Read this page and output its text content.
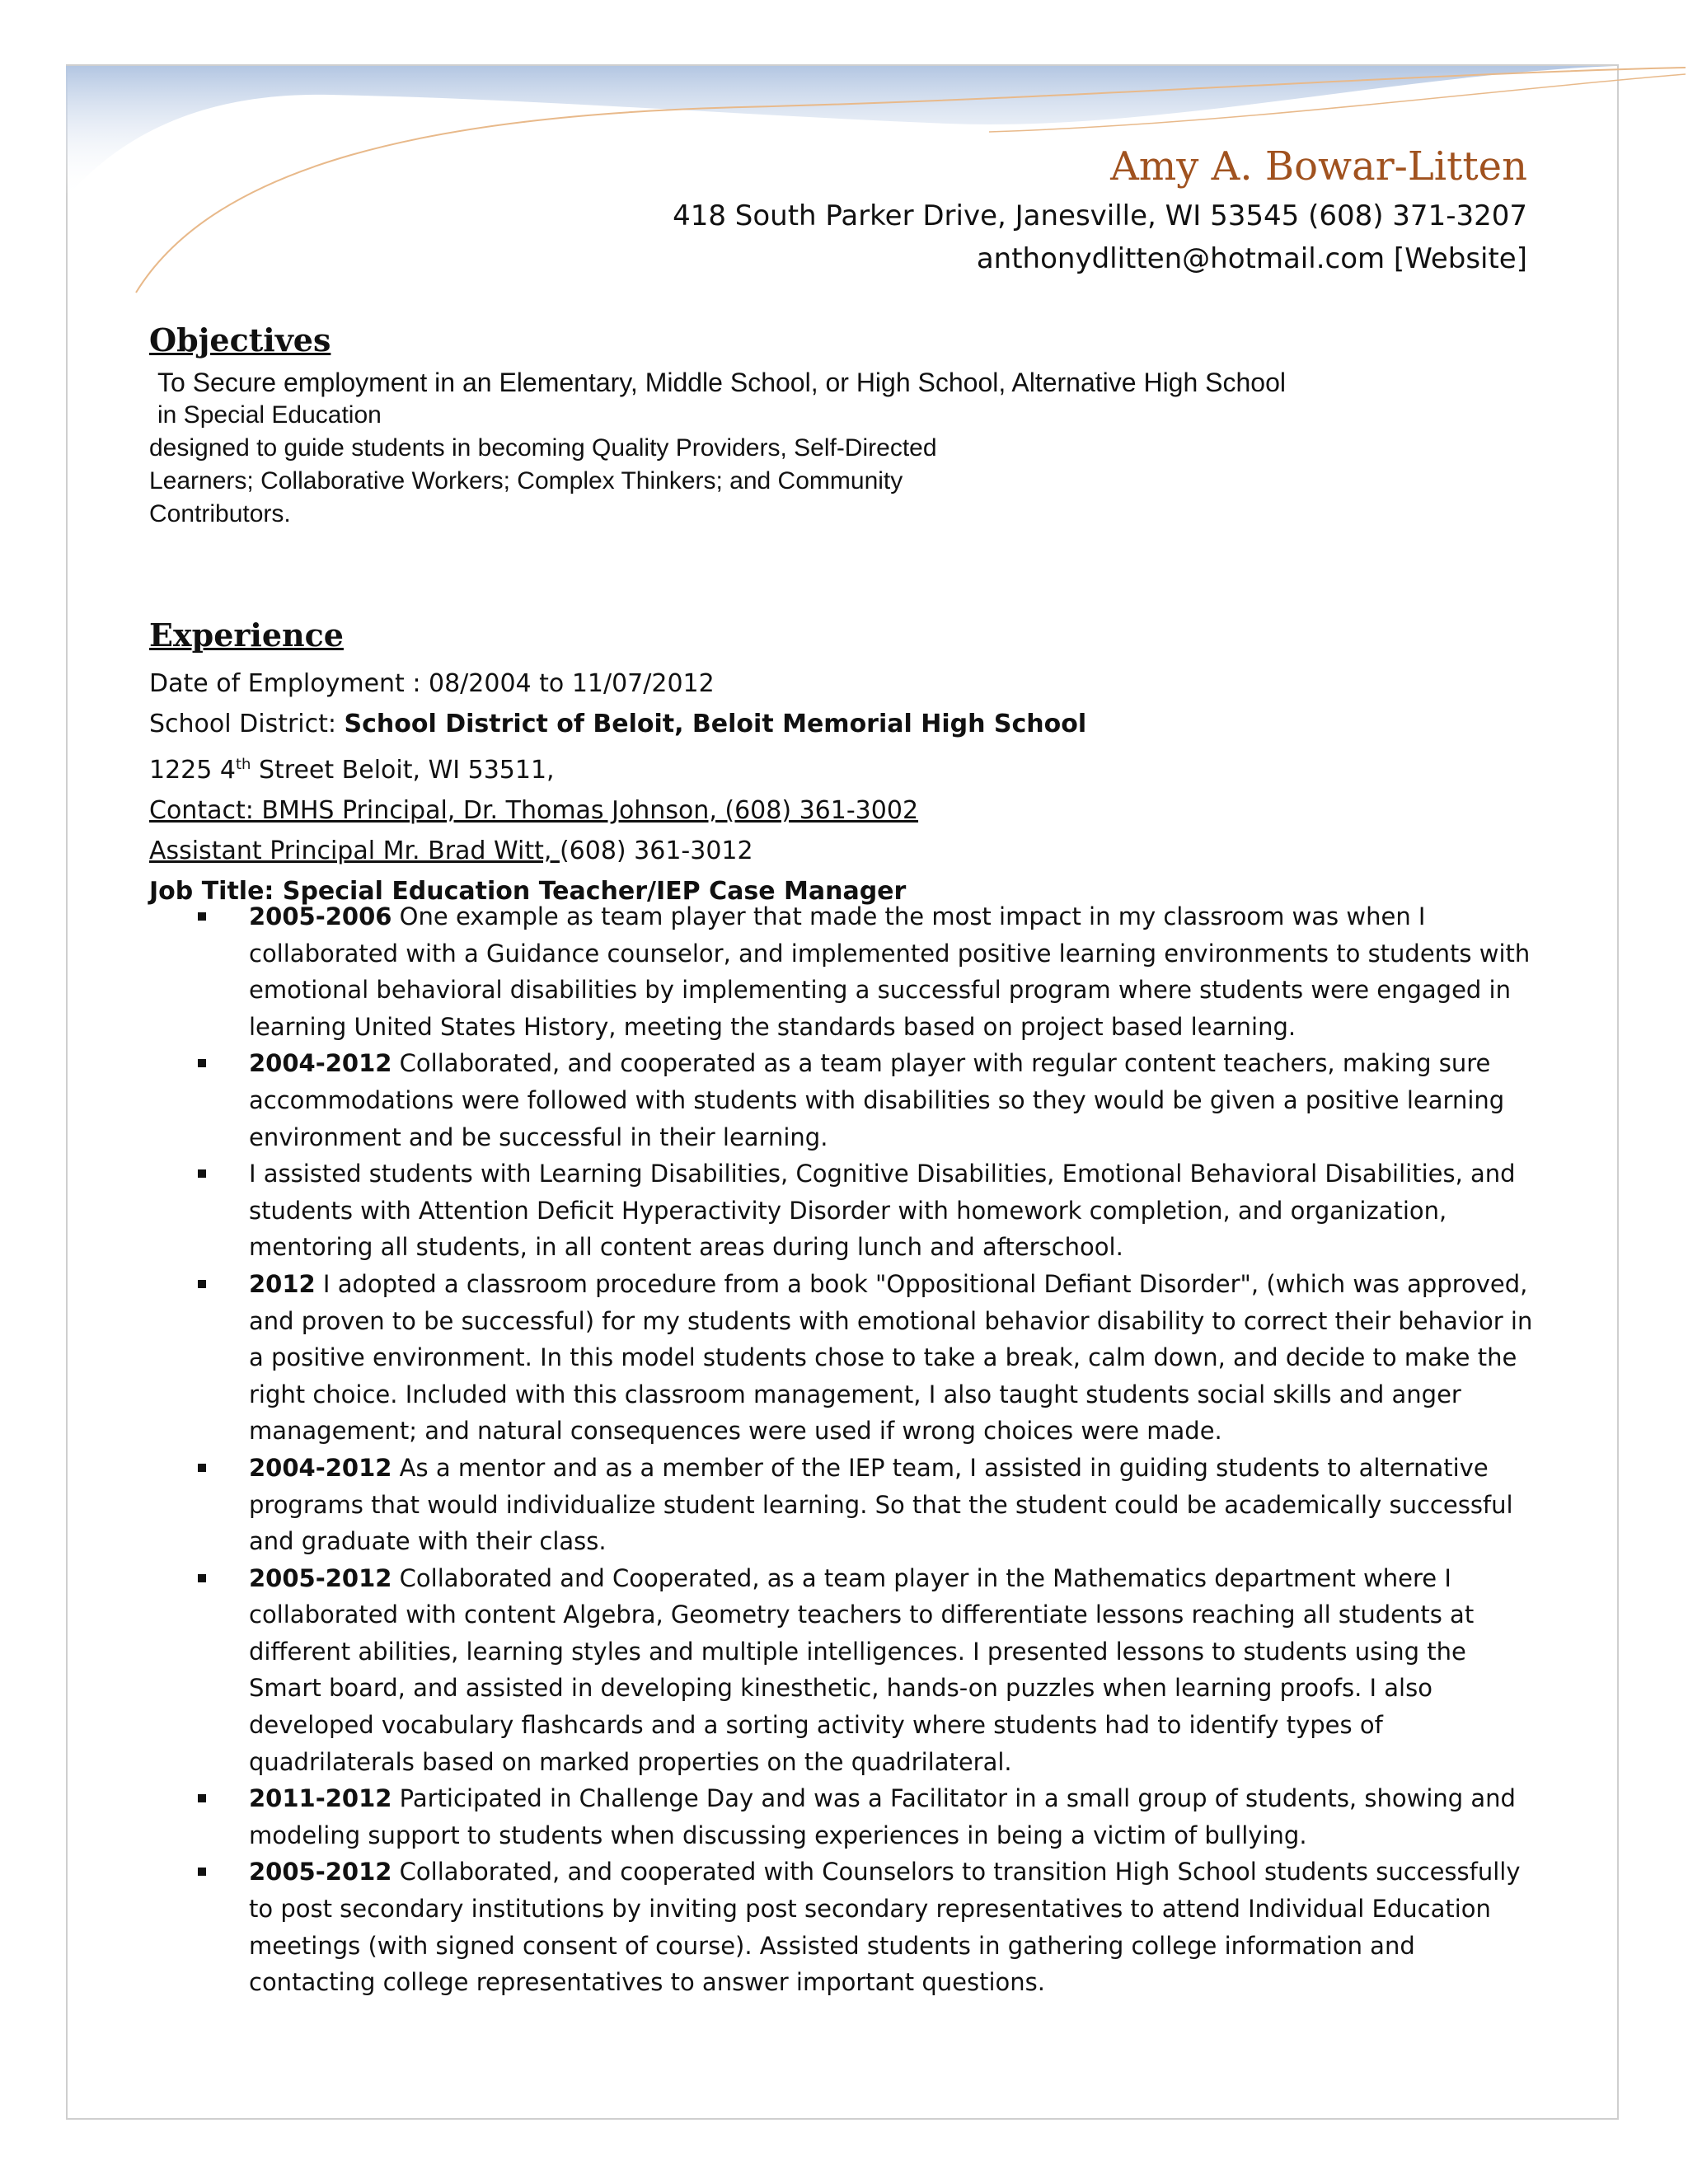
Amy A. Bowar-Litten
418 South Parker Drive, Janesville, WI 53545 (608) 371-3207
anthonydlitten@hotmail.com [Website]
Objectives
To Secure employment in an Elementary, Middle School, or High School, Alternative High School
in Special Education
designed to guide students in becoming Quality Providers, Self-Directed
Learners; Collaborative Workers; Complex Thinkers; and Community
Contributors.
Experience
Date of Employment : 08/2004 to 11/07/2012
School District: School District of Beloit, Beloit Memorial High School
1225 4th Street Beloit, WI 53511,
Contact: BMHS Principal, Dr. Thomas Johnson, (608) 361-3002
Assistant Principal Mr. Brad Witt, (608) 361-3012
Job Title: Special Education Teacher/IEP Case Manager
2005-2006 One example as team player that made the most impact in my classroom was when I collaborated with a Guidance counselor, and implemented positive learning environments to students with emotional behavioral disabilities by implementing a successful program where students were engaged in learning United States History, meeting the standards based on project based learning.
2004-2012 Collaborated, and cooperated as a team player with regular content teachers, making sure accommodations were followed with students with disabilities so they would be given a positive learning environment and be successful in their learning.
I assisted students with Learning Disabilities, Cognitive Disabilities, Emotional Behavioral Disabilities, and students with Attention Deficit Hyperactivity Disorder with homework completion, and organization, mentoring all students, in all content areas during lunch and afterschool.
2012 I adopted a classroom procedure from a book "Oppositional Defiant Disorder", (which was approved, and proven to be successful) for my students with emotional behavior disability to correct their behavior in a positive environment. In this model students chose to take a break, calm down, and decide to make the right choice. Included with this classroom management, I also taught students social skills and anger management; and natural consequences were used if wrong choices were made.
2004-2012 As a mentor and as a member of the IEP team, I assisted in guiding students to alternative programs that would individualize student learning. So that the student could be academically successful and graduate with their class.
2005-2012 Collaborated and Cooperated, as a team player in the Mathematics department where I collaborated with content Algebra, Geometry teachers to differentiate lessons reaching all students at different abilities, learning styles and multiple intelligences. I presented lessons to students using the Smart board, and assisted in developing kinesthetic, hands-on puzzles when learning proofs. I also developed vocabulary flashcards and a sorting activity where students had to identify types of quadrilaterals based on marked properties on the quadrilateral.
2011-2012 Participated in Challenge Day and was a Facilitator in a small group of students, showing and modeling support to students when discussing experiences in being a victim of bullying.
2005-2012 Collaborated, and cooperated with Counselors to transition High School students successfully to post secondary institutions by inviting post secondary representatives to attend Individual Education meetings (with signed consent of course). Assisted students in gathering college information and contacting college representatives to answer important questions.
